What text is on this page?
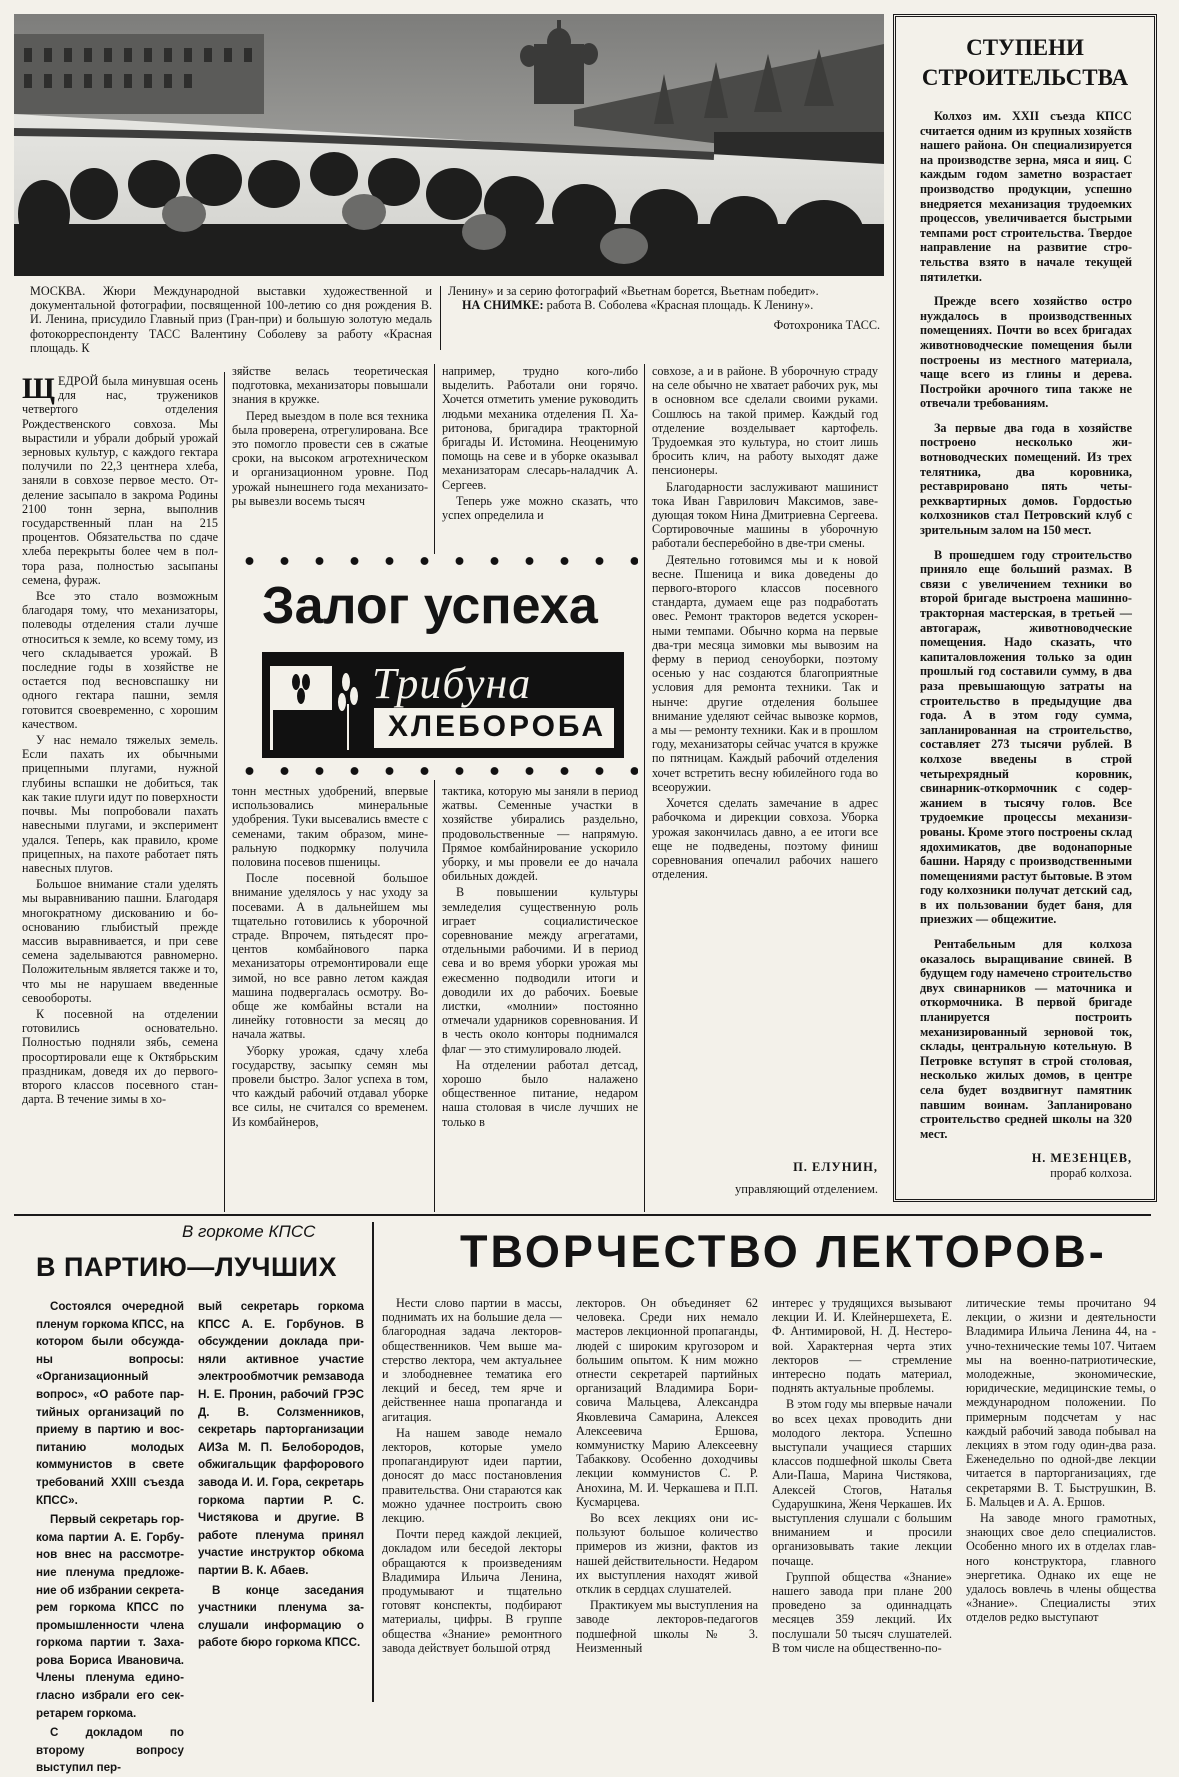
МОСКВА. Жюри Международной выставки художественной и документальной фотографии, посвященной 100-летию со дня рождения В. И. Ленина, присудило Главный приз (Гран-при) и большую золотую медаль фотокорреспонденту ТАСС Валентину Соболеву за работу «Красная площадь. К
Ленину» и за серию фотографий «Вьетнам борется, Вьетнам победит».
НА СНИМКЕ: работа В. Соболева «Красная площадь. К Ленину».
Фотохроника ТАСС.
СТУПЕНИ
СТРОИТЕЛЬСТВА

Колхоз им. XXII съезда КПСС считается одним из крупных хозяйств нашего района. Он специализируется на производстве зерна, мяса и яиц. С каждым годом заметно возрастает производство продукции, успешно внедряется механизация трудоемких процессов, увеличивается быстрыми темпами рост строительства. Твердое направление на развитие стротельства взято в начале текущей пятилетки.

Прежде всего хозяйство остро нуждалось в производственных помещениях. Почти во всех бригадах животноводческие помещения были построены из местного материала, чаще всего из глины и дерева. Постройки арочного типа также не отвечали требованиям.

За первые два года в хозяйстве построено несколько животноводческих помещений. Из трех телятника, два коровника, реставрировано пять четырехквартирных домов. Гордостью колхозников стал Петровский клуб с зрительным залом на 150 мест.

В прошедшем году строительство приняло еще больший размах. В связи с увеличением техники во второй бригаде выстроена машинно-тракторная мастерская, в третьей — автогараж, животноводческие помещения. Надо сказать, что капиталовложения только за один прошлый год составили сумму, в два раза превышающую затраты на строительство в предыдущие два года. А в этом году сумма, запланированная на строительство, составляет 273 тысячи рублей. В колхозе введены в строй четырехрядный коровник, свинарник-откормочник с содержанием в тысячу голов. Все трудоемкие процессы механизированы. Кроме этого построены склад ядохимикатов, две водонапорные башни. Наряду с производственными помещениями растут бытовые. В этом году колхозники получат детский сад, в их пользовании будет баня, для приезжих — общежитие.

Рентабельным для колхоза оказалось выращивание свиней. В будущем году намечено строительство двух свинарников — маточника и откормочника. В первой бригаде планируется построить механизированный зерновой ток, склады, центральную котельную. В Петровке вступят в строй столовая, несколько жилых домов, в центре села будет воздвигнут памятник павшим воинам. Запланировано строительство средней школы на 320 мест.

Н. МЕЗЕНЦЕВ,
прораб колхоза.

ЩЕДРОЙ была минувшая осень для нас, тружеников четвертого отделения Рождественского совхоза. Мы вырастили и убрали добрый урожай зерновых культур, с каждого гектара получили по 22,3 центнера хлеба, заняли в совхозе первое место. Отделение засыпало в закрома Родины 2100 тонн зерна, выполнив государственный план на 215 процентов. Обязательства по сдаче хлеба перекрыты более чем в полтора раза, полностью засыпаны семена, фураж.

Все это стало возможным благодаря тому, что механизаторы, полеводы отделения стали лучше относиться к земле, ко всему тому, из чего складывается урожай. В последние годы в хозяйстве не остается под весновспашку ни одного гектара пашни, земля готовится своевременно, с хорошим качеством.

У нас немало тяжелых земель. Если пахать их обычными прицепными плугами, нужной глубины вспашки не добиться, так как такие плуги идут по поверхности почвы. Мы попробовали пахать навесными плугами, и эксперимент удался. Теперь, как правило, кроме прицепных, на пахоте работает пять навесных плугов.

Большое внимание стали уделять мы выравниванию пашни. Благодаря многократному дискованию и бооснованию глыбистый прежде массив выравнивается, и при севе семена заделываются равномерно. Положительным является также и то, что мы не нарушаем введенные севообороты.

К посевной на отделении готовились основательно. Полностью подняли зябь, семена просортировали еще к Октябрьским праздникам, доведя их до первого-второго классов посевного стандарта. В течение зимы в хо-

зяйстве велась теоретическая подготовка, механизаторы повышали знания в кружке.

Перед выездом в поле вся техника была проверена, отрегулирована. Все это помогло провести сев в сжатые сроки, на высоком агротехническом и организационном уровне. Под урожай нынешнего года механизаторы вывезли восемь тысяч

например, трудно кого-либо выделить. Работали они горячо. Хочется отметить умение руководить людьми механика отделения П. Харитонова, бригадира тракторной бригады И. Истомина. Неоценимую помощь на севе и в уборке оказывал механизаторам слесарь-наладчик А. Сергеев.

Теперь уже можно сказать, что успех определила и

Залог успеха
Трибуна
ХЛЕБОРОБА

тонн местных удобрений, впервые использовались минеральные удобрения. Туки высевались вместе с семенами, таким образом, минеральную подкормку получила половина посевов пшеницы.

После посевной большое внимание уделялось у нас уходу за посевами. А в дальнейшем мы тщательно готовились к уборочной страде. Впрочем, пятьдесят процентов комбайнового парка механизаторы отремонтировали еще зимой, но все равно летом каждая машина подвергалась осмотру. Вообще же комбайны встали на линейку готовности за месяц до начала жатвы.

Уборку урожая, сдачу хлеба государству, засыпку семян мы провели быстро. Залог успеха в том, что каждый рабочий отдавал уборке все силы, не считался со временем. Из комбайнеров,

тактика, которую мы заняли в период жатвы. Семенные участки в хозяйстве убирались раздельно, продовольственные — напрямую. Прямое комбайнирование ускорило уборку, и мы провели ее до начала обильных дождей.

В повышении культуры земледелия существенную роль играет социалистическое соревнование между агрегатами, отдельными рабочими. И в период сева и во время уборки урожая мы ежесменно подводили итоги и доводили их до рабочих. Боевые листки, «молнии» постоянно отмечали ударников соревнования. И в честь около конторы поднимался флаг — это стимулировало людей.

На отделении работал детсад, хорошо было налажено общественное питание, недаром наша столовая в числе лучших не только в

совхозе, а и в районе. В уборочную страду на селе обычно не хватает рабочих рук, мы в основном все сделали своими руками. Сошлюсь на такой пример. Каждый год отделение возделывает картофель. Трудоемкая это культура, но стоит лишь бросить клич, на работу выходят даже пенсионеры.

Благодарности заслуживают машинист тока Иван Гаврилович Максимов, заведующая током Нина Дмитриевна Сергеева. Сортировочные машины в уборочную работали бесперебойно в две-три смены.

Деятельно готовимся мы и к новой весне. Пшеница и вика доведены до первого-второго классов посевного стандарта, думаем еще раз подработать овес. Ремонт тракторов ведется ускоренными темпами. Обычно корма на первые два-три месяца зимовки мы вывозим на ферму в период сеноуборки, поэтому осенью у нас создаются благоприятные условия для ремонта техники. Так и нынче: другие отделения большее внимание уделяют сейчас вывозке кормов, а мы — ремонту техники. Как и в прошлом году, механизаторы сейчас учатся в кружке по пятницам. Каждый рабочий отделения хочет встретить весну юбилейного года во всеоружии.

Хочется сделать замечание в адрес рабочкома и дирекции совхоза. Уборка урожая закончилась давно, а ее итоги все еще не подведены, поэтому финиш соревнования опечалил рабочих нашего отделения.

П. ЕЛУНИН,
управляющий отделением.
В горкоме КПСС
В ПАРТИЮ—ЛУЧШИХ

Состоялся очередной пленум горкома КПСС, на котором были обсужданы вопросы: «Организационный вопрос», «О работе партийных организаций по приему в партию и воспитанию молодых коммунистов в свете требований XXIII съезда КПСС».

Первый секретарь горкома партии А. Е. Горбунов внес на рассмотрение пленума предложение об избрании секретарем горкома КПСС по промышленности члена горкома партии т. Захарова Бориса Ивановича. Члены пленума единогласно избрали его секретарем горкома.

С докладом по второму вопросу выступил пер-

вый секретарь горкома КПСС А. Е. Горбунов. В обсуждении доклада приняли активное участие электрообмотчик ремзавода Н. Е. Пронин, рабочий ГРЭС Д. В. Солзменников, секретарь парторганизации АИЗа М. П. Белобородов, обжигальщик фарфорового завода И. И. Гора, секретарь горкома партии Р. С. Чистякова и другие. В работе пленума принял участие инструктор обкома партии В. К. Абаев.

В конце заседания участники пленума заслушали информацию о работе бюро горкома КПСС.

ТВОРЧЕСТВО ЛЕКТОРОВ-

Нести слово партии в массы, поднимать их на большие дела — благородная задача лекторов-общественников. Чем выше мастерство лектора, чем актуальнее и злободневнее тематика его лекций и бесед, тем ярче и действеннее наша пропаганда и агитация.

На нашем заводе немало лекторов, которые умело пропагандируют идеи партии, доносят до масс постановления правительства. Они стараются как можно удачнее построить свою лекцию.

Почти перед каждой лекцией, докладом или беседой лекторы обращаются к произведениям Владимира Ильича Ленина, продумывают и тщательно готовят конспекты, подбирают материалы, цифры. В группе общества «Знание» ремонтного завода действует большой отряд

лекторов. Он объединяет 62 человека. Среди них немало мастеров лекционной пропаганды, людей с широким кругозором и большим опытом. К ним можно отнести секретарей партийных организаций Владимира Борисовича Мальцева, Александра Яковлевича Самарина, Алексея Алексеевича Ершова, коммунистку Марию Алексеевну Табаккову. Особенно доходчивы лекции коммунистов С. Р. Анохина, М. И. Черкашева и П.П. Кусмарцева.

Во всех лекциях они используют большое количество примеров из жизни, фактов из нашей действительности. Недаром их выступления находят живой отклик в сердцах слушателей.

Практикуем мы выступления на заводе лекторов-педагогов подшефной школы № 3. Неизменный

интерес у трудящихся вызывают лекции И. И. Клейнершехета, Е. Ф. Антимировой, Н. Д. Нестеровой. Характерная черта этих лекторов — стремление интересно подать материал, поднять актуальные проблемы.

В этом году мы впервые начали во всех цехах проводить дни молодого лектора. Успешно выступали учащиеся старших классов подшефной школы Света Али-Паша, Марина Чистякова, Алексей Стогов, Наталья Сударушкина, Женя Черкашев. Их выступления слушали с большим вниманием и просили организовывать такие лекции почаще.

Группой общества «Знание» нашего завода при плане 200 проведено за одиннадцать месяцев 359 лекций. Их послушали 50 тысяч слушателей. В том числе на общественно-по-

литические темы прочитано 94 лекции, о жизни и деятельности Владимира Ильича Ленина 44, на учно-технические темы 107. Читаем мы на военно-патриотические, молодежные, экономические, юридические, медицинские темы, о международном положении. По примерным подсчетам у нас каждый рабочий завода побывал на лекциях в этом году один-два раза. Еженедельно по одной-две лекции читается в парторганизациях, где секретарями В. Т. Быструшкин, В. Б. Мальцев и А. А. Ершов.

На заводе много грамотных, знающих свое дело специалистов. Особенно много их в отделах главного конструктора, главного энергетика. Однако их еще не удалось вовлечь в члены общества «Знание». Специалисты этих отделов редко выступают
